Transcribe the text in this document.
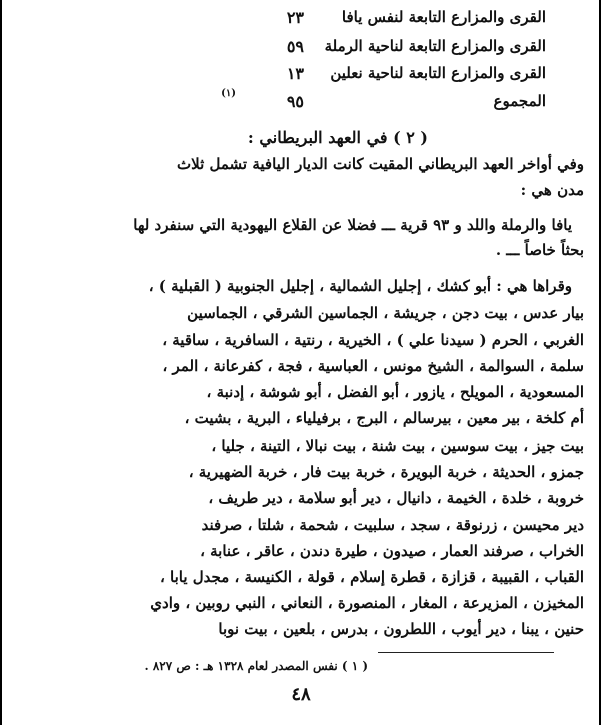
القرى والمزارع التابعة لنفس يافا
٢٣
القرى والمزارع التابعة لناحية الرملة
٥٩
القرى والمزارع التابعة لناحية نعلين
١٣
المجموع
٩٥
(١)
( ٢ ) في العهد البريطاني :
وفي أواخر العهد البريطاني المقيت كانت الديار اليافية تشمل ثلاث
مدن هي :
يافا والرملة واللد و ٩٣ قرية ـــ فضلا عن القلاع اليهودية التي سنفرد لها
بحثاً خاصاً ـــ .
وقراها هي : أبو كشك ، إجليل الشمالية ، إجليل الجنوبية ( القبلية ) ،
بيار عدس ، بيت دجن ، جريشة ، الجماسين الشرقي ، الجماسين
الغربي ، الحرم ( سيدنا علي ) ، الخيرية ، رنتية ، السافرية ، ساقية ،
سلمة ، السوالمة ، الشيخ مونس ، العباسية ، فجة ، كفرعانة ، المر ،
المسعودية ، المويلح ، يازور ، أبو الفضل ، أبو شوشة ، إدنبة ،
أم كلخة ، بير معين ، بيرسالم ، البرج ، برفيلياء ، البرية ، بشيت ،
بيت جيز ، بيت سوسين ، بيت شنة ، بيت نبالا ، التينة ، جليا ،
جمزو ، الحديثة ، خربة البويرة ، خربة بيت فار ، خربة الضهيرية ،
خروبة ، خلدة ، الخيمة ، دانيال ، دير أبو سلامة ، دير طريف ،
دير محيسن ، زرنوقة ، سجد ، سلبيت ، شحمة ، شلتا ، صرفند
الخراب ، صرفند العمار ، صيدون ، طيرة دندن ، عاقر ، عنابة ،
القباب ، القبيبة ، قزازة ، قطرة إسلام ، قولة ، الكنيسة ، مجدل يابا ،
المخيزن ، المزيرعة ، المغار ، المنصورة ، النعاني ، النبي روبين ، وادي
حنين ، يبنا ، دير أيوب ، اللطرون ، بدرس ، بلعين ، بيت نوبا
( ١ ) نفس المصدر لعام ١٣٢٨ هـ : ص ٨٢٧ .
٤٨
